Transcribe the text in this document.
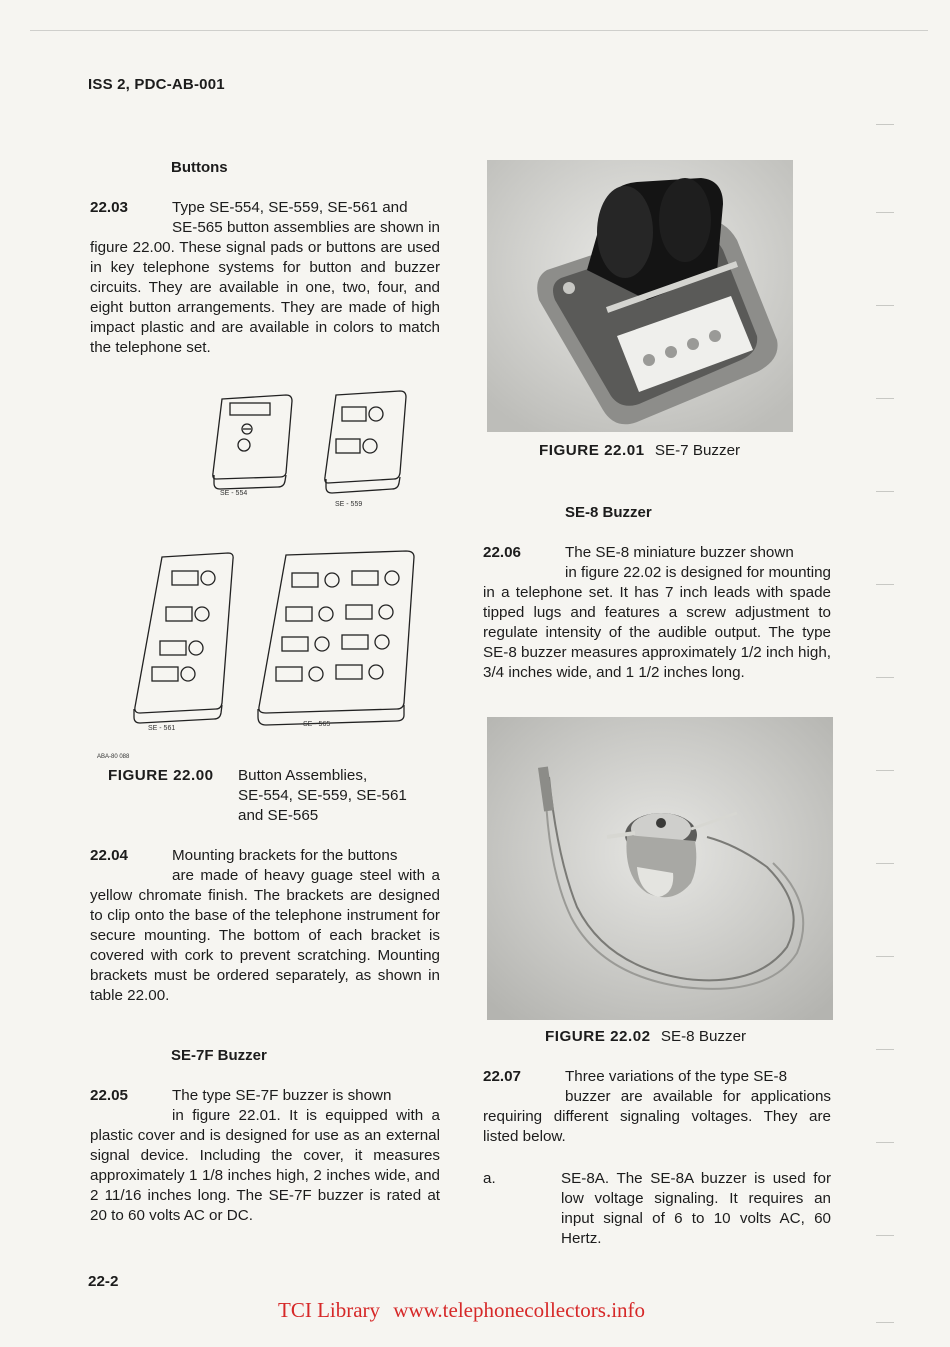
ISS 2, PDC-AB-001
Buttons
22.03	Type SE-554, SE-559, SE-561 and
SE-565 button assemblies are shown in figure 22.00. These signal pads or buttons are used in key telephone systems for button and buzzer circuits. They are available in one, two, four, and eight button arrangements. They are made of high impact plastic and are available in colors to match the telephone set.
SE - 554
SE - 559
SE - 561
SE - 565
ABA-80 088
FIGURE 22.00	Button Assemblies,
SE-554, SE-559, SE-561
and SE-565
22.04	Mounting brackets for the buttons
are made of heavy guage steel with a yellow chromate finish. The brackets are designed to clip onto the base of the telephone instrument for secure mounting. The bottom of each bracket is covered with cork to prevent scratching. Mounting brackets must be ordered separately, as shown in table 22.00.
SE-7F Buzzer
22.05	The type SE-7F buzzer is shown
in figure 22.01. It is equipped with a plastic cover and is designed for use as an external signal device. Including the cover, it measures approximately 1 1/8 inches high, 2 inches wide, and 2 11/16 inches long. The SE-7F buzzer is rated at 20 to 60 volts AC or DC.
22-2
FIGURE 22.01 SE-7 Buzzer
SE-8 Buzzer
22.06	The SE-8 miniature buzzer shown
in figure 22.02 is designed for mounting in a telephone set. It has 7 inch leads with spade tipped lugs and features a screw adjustment to regulate intensity of the audible output. The type SE-8 buzzer measures approximately 1/2 inch high, 3/4 inches wide, and 1 1/2 inches long.
FIGURE 22.02 SE-8 Buzzer
22.07	Three variations of the type SE-8
buzzer are available for applications requiring different signaling voltages. They are listed below.
a.	SE-8A. The SE-8A buzzer is used for low voltage signaling. It requires an input signal of 6 to 10 volts AC, 60 Hertz.
TCI Library www.telephonecollectors.info
